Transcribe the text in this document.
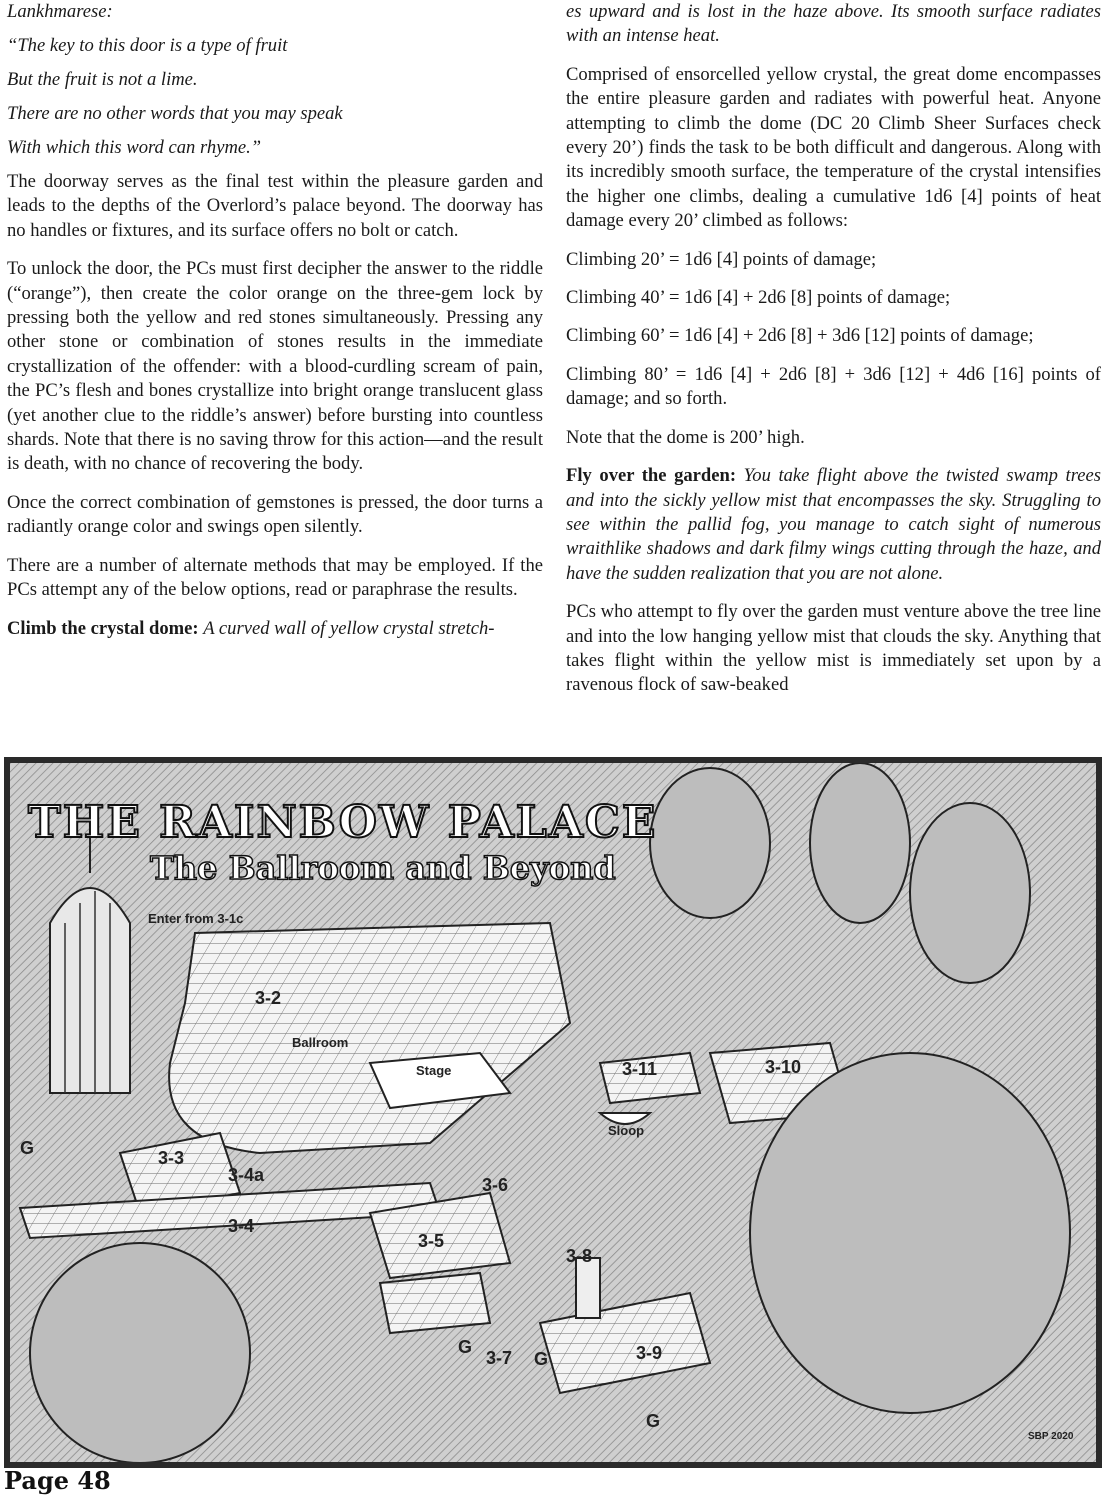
Lankhmarese:

“The key to this door is a type of fruit

But the fruit is not a lime.

There are no other words that you may speak

With which this word can rhyme.”

The doorway serves as the final test within the pleasure garden and leads to the depths of the Overlord’s palace beyond. The doorway has no handles or fixtures, and its surface offers no bolt or catch.

To unlock the door, the PCs must first decipher the answer to the riddle (“orange”), then create the color orange on the three-gem lock by pressing both the yellow and red stones simultaneously. Pressing any other stone or combination of stones results in the immediate crystallization of the offender: with a blood-curdling scream of pain, the PC’s flesh and bones crystallize into bright orange translucent glass (yet another clue to the riddle’s answer) before bursting into countless shards. Note that there is no saving throw for this action—and the result is death, with no chance of recovering the body.

Once the correct combination of gemstones is pressed, the door turns a radiantly orange color and swings open silently.

There are a number of alternate methods that may be employed. If the PCs attempt any of the below options, read or paraphrase the results.

Climb the crystal dome: A curved wall of yellow crystal stretch-

es upward and is lost in the haze above. Its smooth surface radiates with an intense heat.

Comprised of ensorcelled yellow crystal, the great dome encompasses the entire pleasure garden and radiates with powerful heat. Anyone attempting to climb the dome (DC 20 Climb Sheer Surfaces check every 20’) finds the task to be both difficult and dangerous. Along with its incredibly smooth surface, the temperature of the crystal intensifies the higher one climbs, dealing a cumulative 1d6 [4] points of heat damage every 20’ climbed as follows:

Climbing 20’ = 1d6 [4] points of damage;

Climbing 40’ = 1d6 [4] + 2d6 [8] points of damage;

Climbing 60’ = 1d6 [4] + 2d6 [8] + 3d6 [12] points of damage;

Climbing 80’ = 1d6 [4] + 2d6 [8] + 3d6 [12] + 4d6 [16] points of damage; and so forth.

Note that the dome is 200’ high.

Fly over the garden: You take flight above the twisted swamp trees and into the sickly yellow mist that encompasses the sky. Struggling to see within the pallid fog, you manage to catch sight of numerous wraithlike shadows and dark filmy wings cutting through the haze, and have the sudden realization that you are not alone.

PCs who attempt to fly over the garden must venture above the tree line and into the low hanging yellow mist that clouds the sky. Anything that takes flight within the yellow mist is immediately set upon by a ravenous flock of saw-beaked

THE RAINBOW PALACE
The Ballroom and Beyond
Enter from 3-1c
3-2
Ballroom
Stage
3-3
3-4a
3-4
3-5
3-6
3-7
3-8
3-9
3-10
3-11
Sloop
G
G
G
G
SBP 2020
Page 48
